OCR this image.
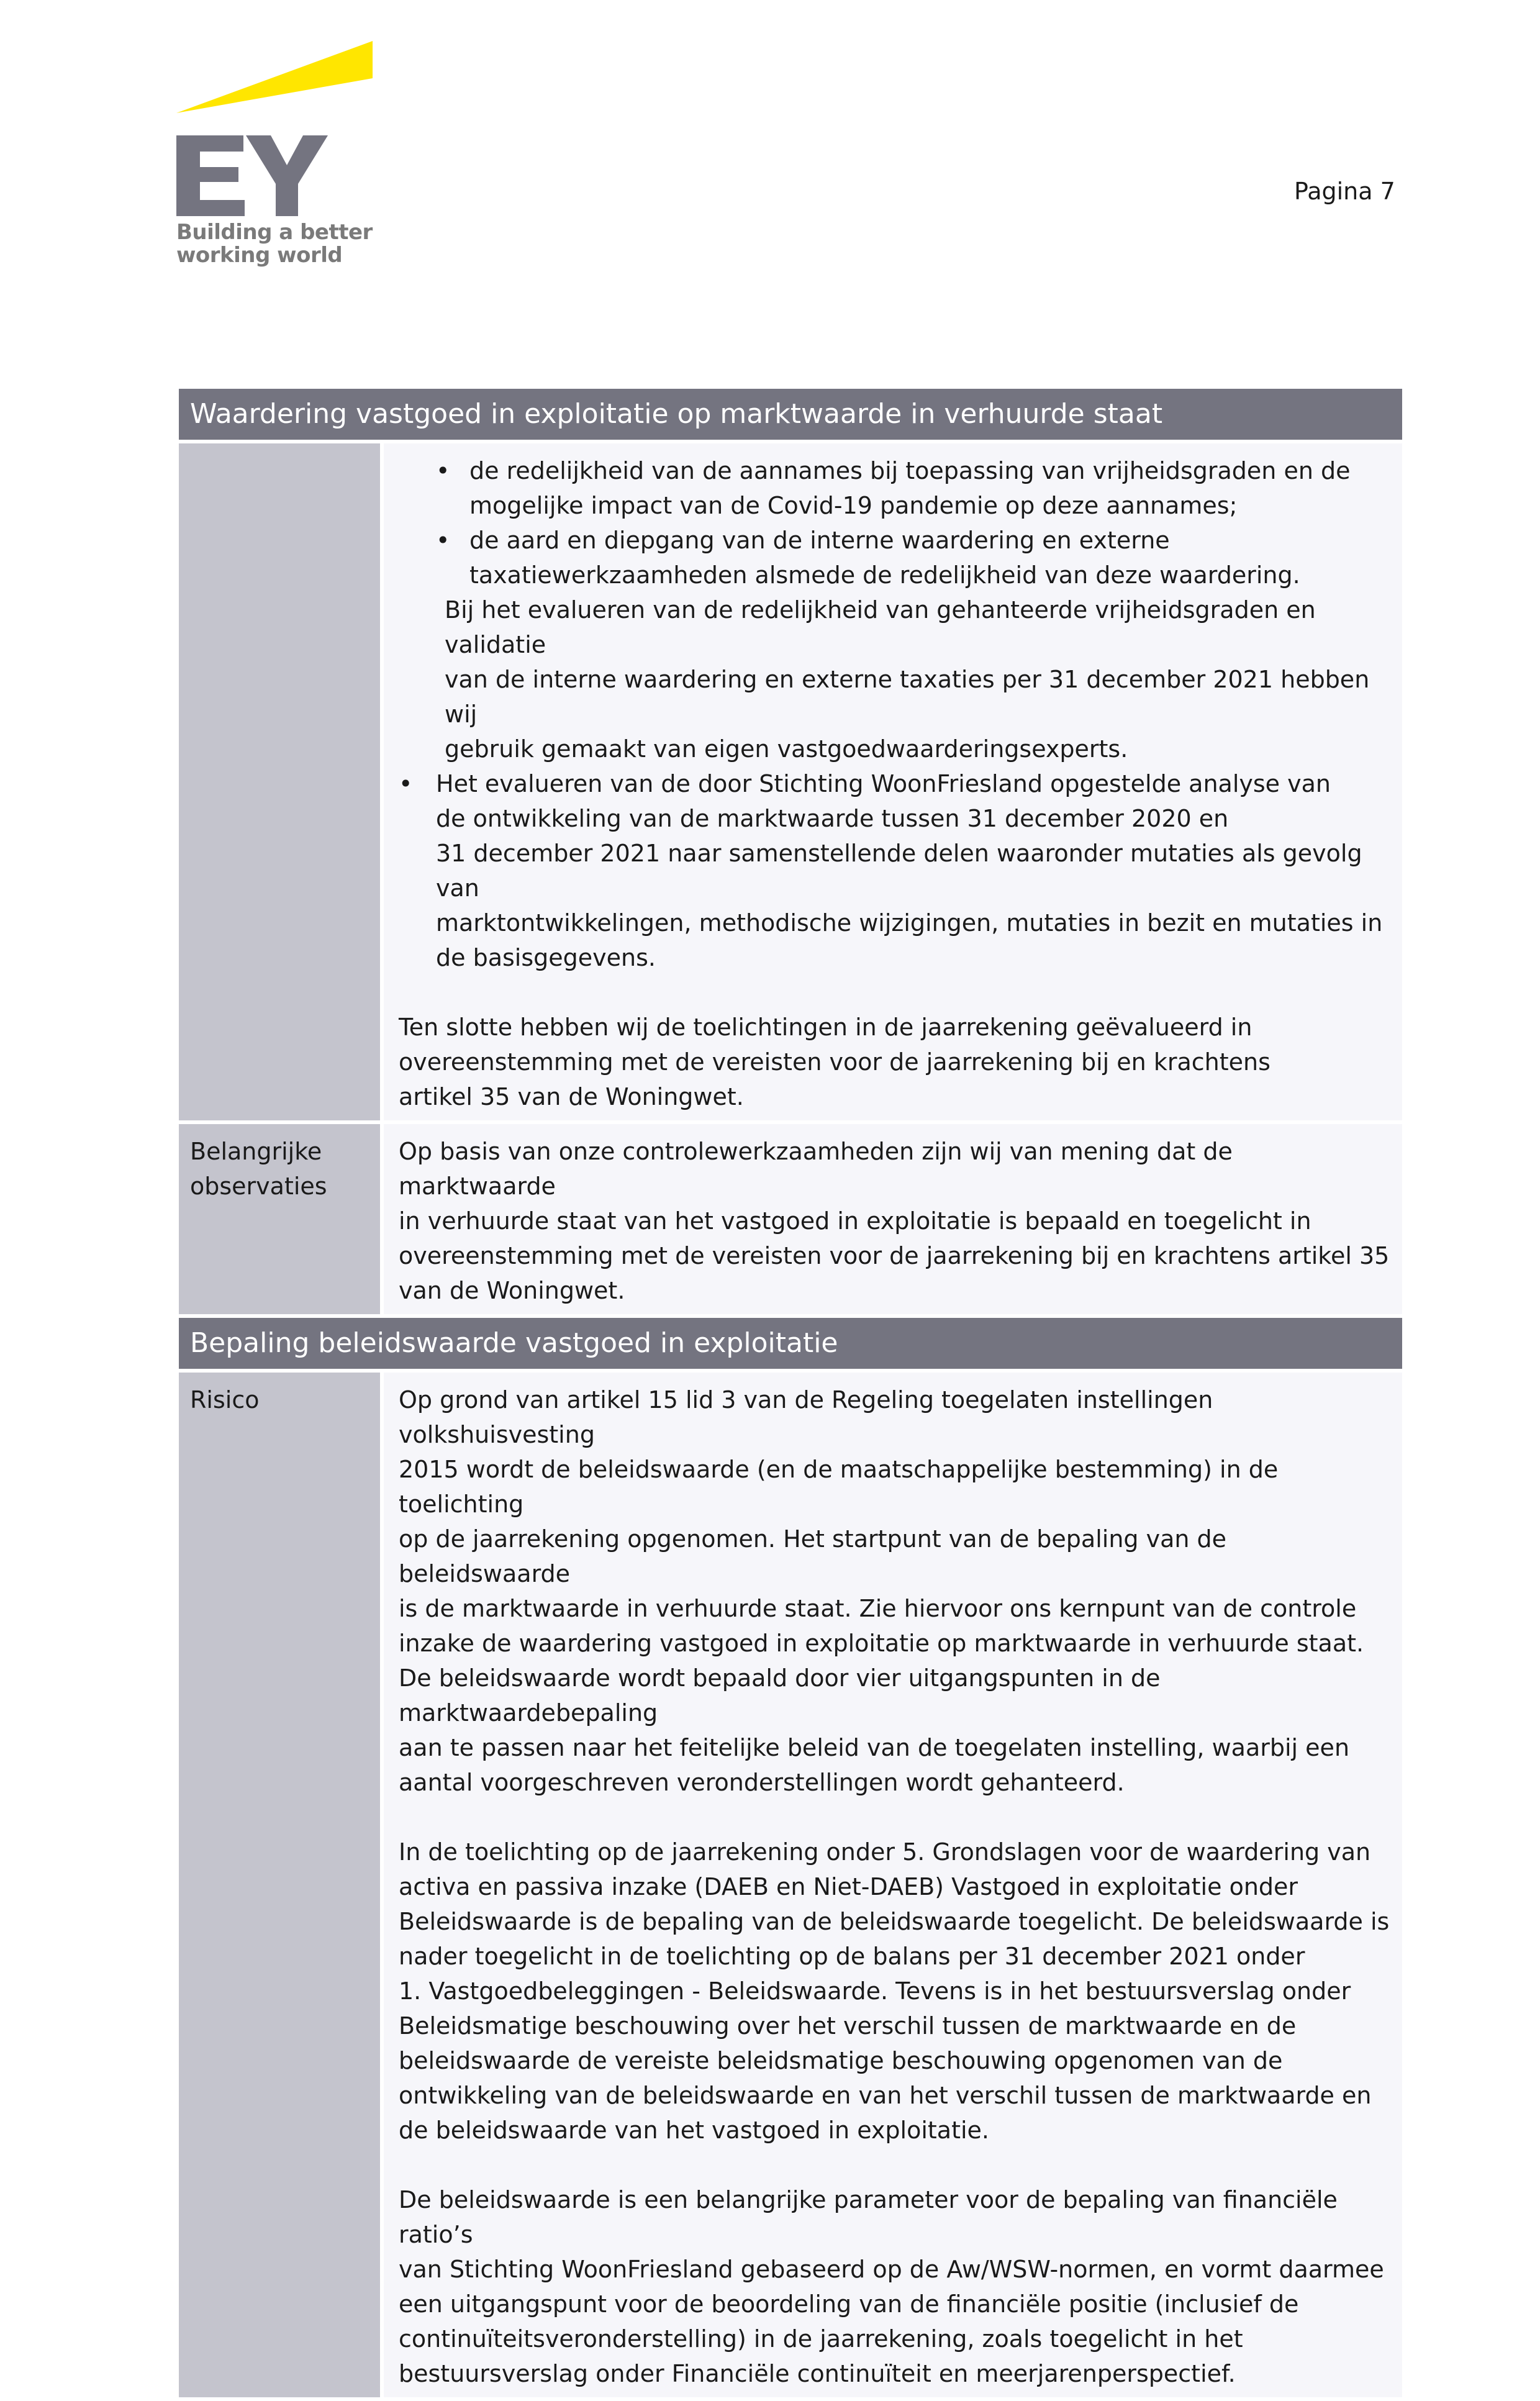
Building a better
working world
Pagina 7
Waardering vastgoed in exploitatie op marktwaarde in verhuurde staat
• de redelijkheid van de aannames bij toepassing van vrijheidsgraden en de
mogelijke impact van de Covid-19 pandemie op deze aannames;
• de aard en diepgang van de interne waardering en externe
taxatiewerkzaamheden alsmede de redelijkheid van deze waardering.
Bij het evalueren van de redelijkheid van gehanteerde vrijheidsgraden en validatie
van de interne waardering en externe taxaties per 31 december 2021 hebben wij
gebruik gemaakt van eigen vastgoedwaarderingsexperts.
• Het evalueren van de door Stichting WoonFriesland opgestelde analyse van
de ontwikkeling van de marktwaarde tussen 31 december 2020 en
31 december 2021 naar samenstellende delen waaronder mutaties als gevolg van
marktontwikkelingen, methodische wijzigingen, mutaties in bezit en mutaties in
de basisgegevens.
Ten slotte hebben wij de toelichtingen in de jaarrekening geëvalueerd in
overeenstemming met de vereisten voor de jaarrekening bij en krachtens
artikel 35 van de Woningwet.
Belangrijke
observaties
Op basis van onze controlewerkzaamheden zijn wij van mening dat de marktwaarde
in verhuurde staat van het vastgoed in exploitatie is bepaald en toegelicht in
overeenstemming met de vereisten voor de jaarrekening bij en krachtens artikel 35
van de Woningwet.
Bepaling beleidswaarde vastgoed in exploitatie
Risico	Op grond van artikel 15 lid 3 van de Regeling toegelaten instellingen volkshuisvesting
2015 wordt de beleidswaarde (en de maatschappelijke bestemming) in de toelichting
op de jaarrekening opgenomen. Het startpunt van de bepaling van de beleidswaarde
is de marktwaarde in verhuurde staat. Zie hiervoor ons kernpunt van de controle
inzake de waardering vastgoed in exploitatie op marktwaarde in verhuurde staat.
De beleidswaarde wordt bepaald door vier uitgangspunten in de marktwaardebepaling
aan te passen naar het feitelijke beleid van de toegelaten instelling, waarbij een
aantal voorgeschreven veronderstellingen wordt gehanteerd.
In de toelichting op de jaarrekening onder 5. Grondslagen voor de waardering van
activa en passiva inzake (DAEB en Niet-DAEB) Vastgoed in exploitatie onder
Beleidswaarde is de bepaling van de beleidswaarde toegelicht. De beleidswaarde is
nader toegelicht in de toelichting op de balans per 31 december 2021 onder
1. Vastgoedbeleggingen - Beleidswaarde. Tevens is in het bestuursverslag onder
Beleidsmatige beschouwing over het verschil tussen de marktwaarde en de
beleidswaarde de vereiste beleidsmatige beschouwing opgenomen van de
ontwikkeling van de beleidswaarde en van het verschil tussen de marktwaarde en
de beleidswaarde van het vastgoed in exploitatie.
De beleidswaarde is een belangrijke parameter voor de bepaling van financiële ratio’s
van Stichting WoonFriesland gebaseerd op de Aw/WSW-normen, en vormt daarmee
een uitgangspunt voor de beoordeling van de financiële positie (inclusief de
continuïteitsveronderstelling) in de jaarrekening, zoals toegelicht in het
bestuursverslag onder Financiële continuïteit en meerjarenperspectief.
